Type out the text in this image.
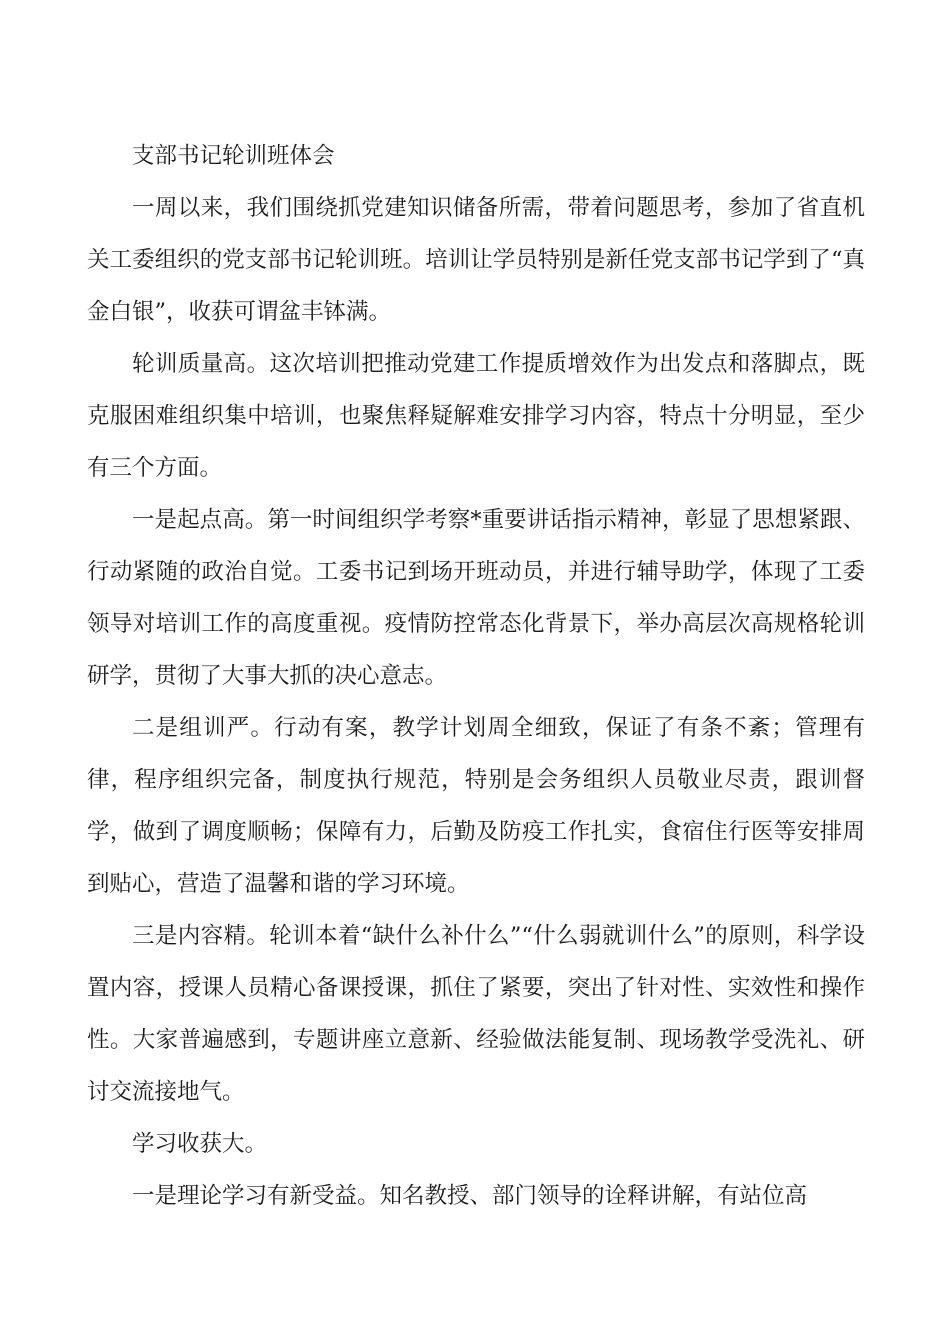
支部书记轮训班体会

一周以来，我们围绕抓党建知识储备所需，带着问题思考，参加了省直机关工委组织的党支部书记轮训班。培训让学员特别是新任党支部书记学到了“真金白银”，收获可谓盆丰钵满。

轮训质量高。这次培训把推动党建工作提质增效作为出发点和落脚点，既克服困难组织集中培训，也聚焦释疑解难安排学习内容，特点十分明显，至少有三个方面。

一是起点高。第一时间组织学考察*重要讲话指示精神，彰显了思想紧跟、行动紧随的政治自觉。工委书记到场开班动员，并进行辅导助学，体现了工委领导对培训工作的高度重视。疫情防控常态化背景下，举办高层次高规格轮训研学，贯彻了大事大抓的决心意志。

二是组训严。行动有案，教学计划周全细致，保证了有条不紊；管理有律，程序组织完备，制度执行规范，特别是会务组织人员敬业尽责，跟训督学，做到了调度顺畅；保障有力，后勤及防疫工作扎实，食宿住行医等安排周到贴心，营造了温馨和谐的学习环境。

三是内容精。轮训本着“缺什么补什么”“什么弱就训什么”的原则，科学设置内容，授课人员精心备课授课，抓住了紧要，突出了针对性、实效性和操作性。大家普遍感到，专题讲座立意新、经验做法能复制、现场教学受洗礼、研讨交流接地气。

学习收获大。

一是理论学习有新受益。知名教授、部门领导的诠释讲解，有站位高
